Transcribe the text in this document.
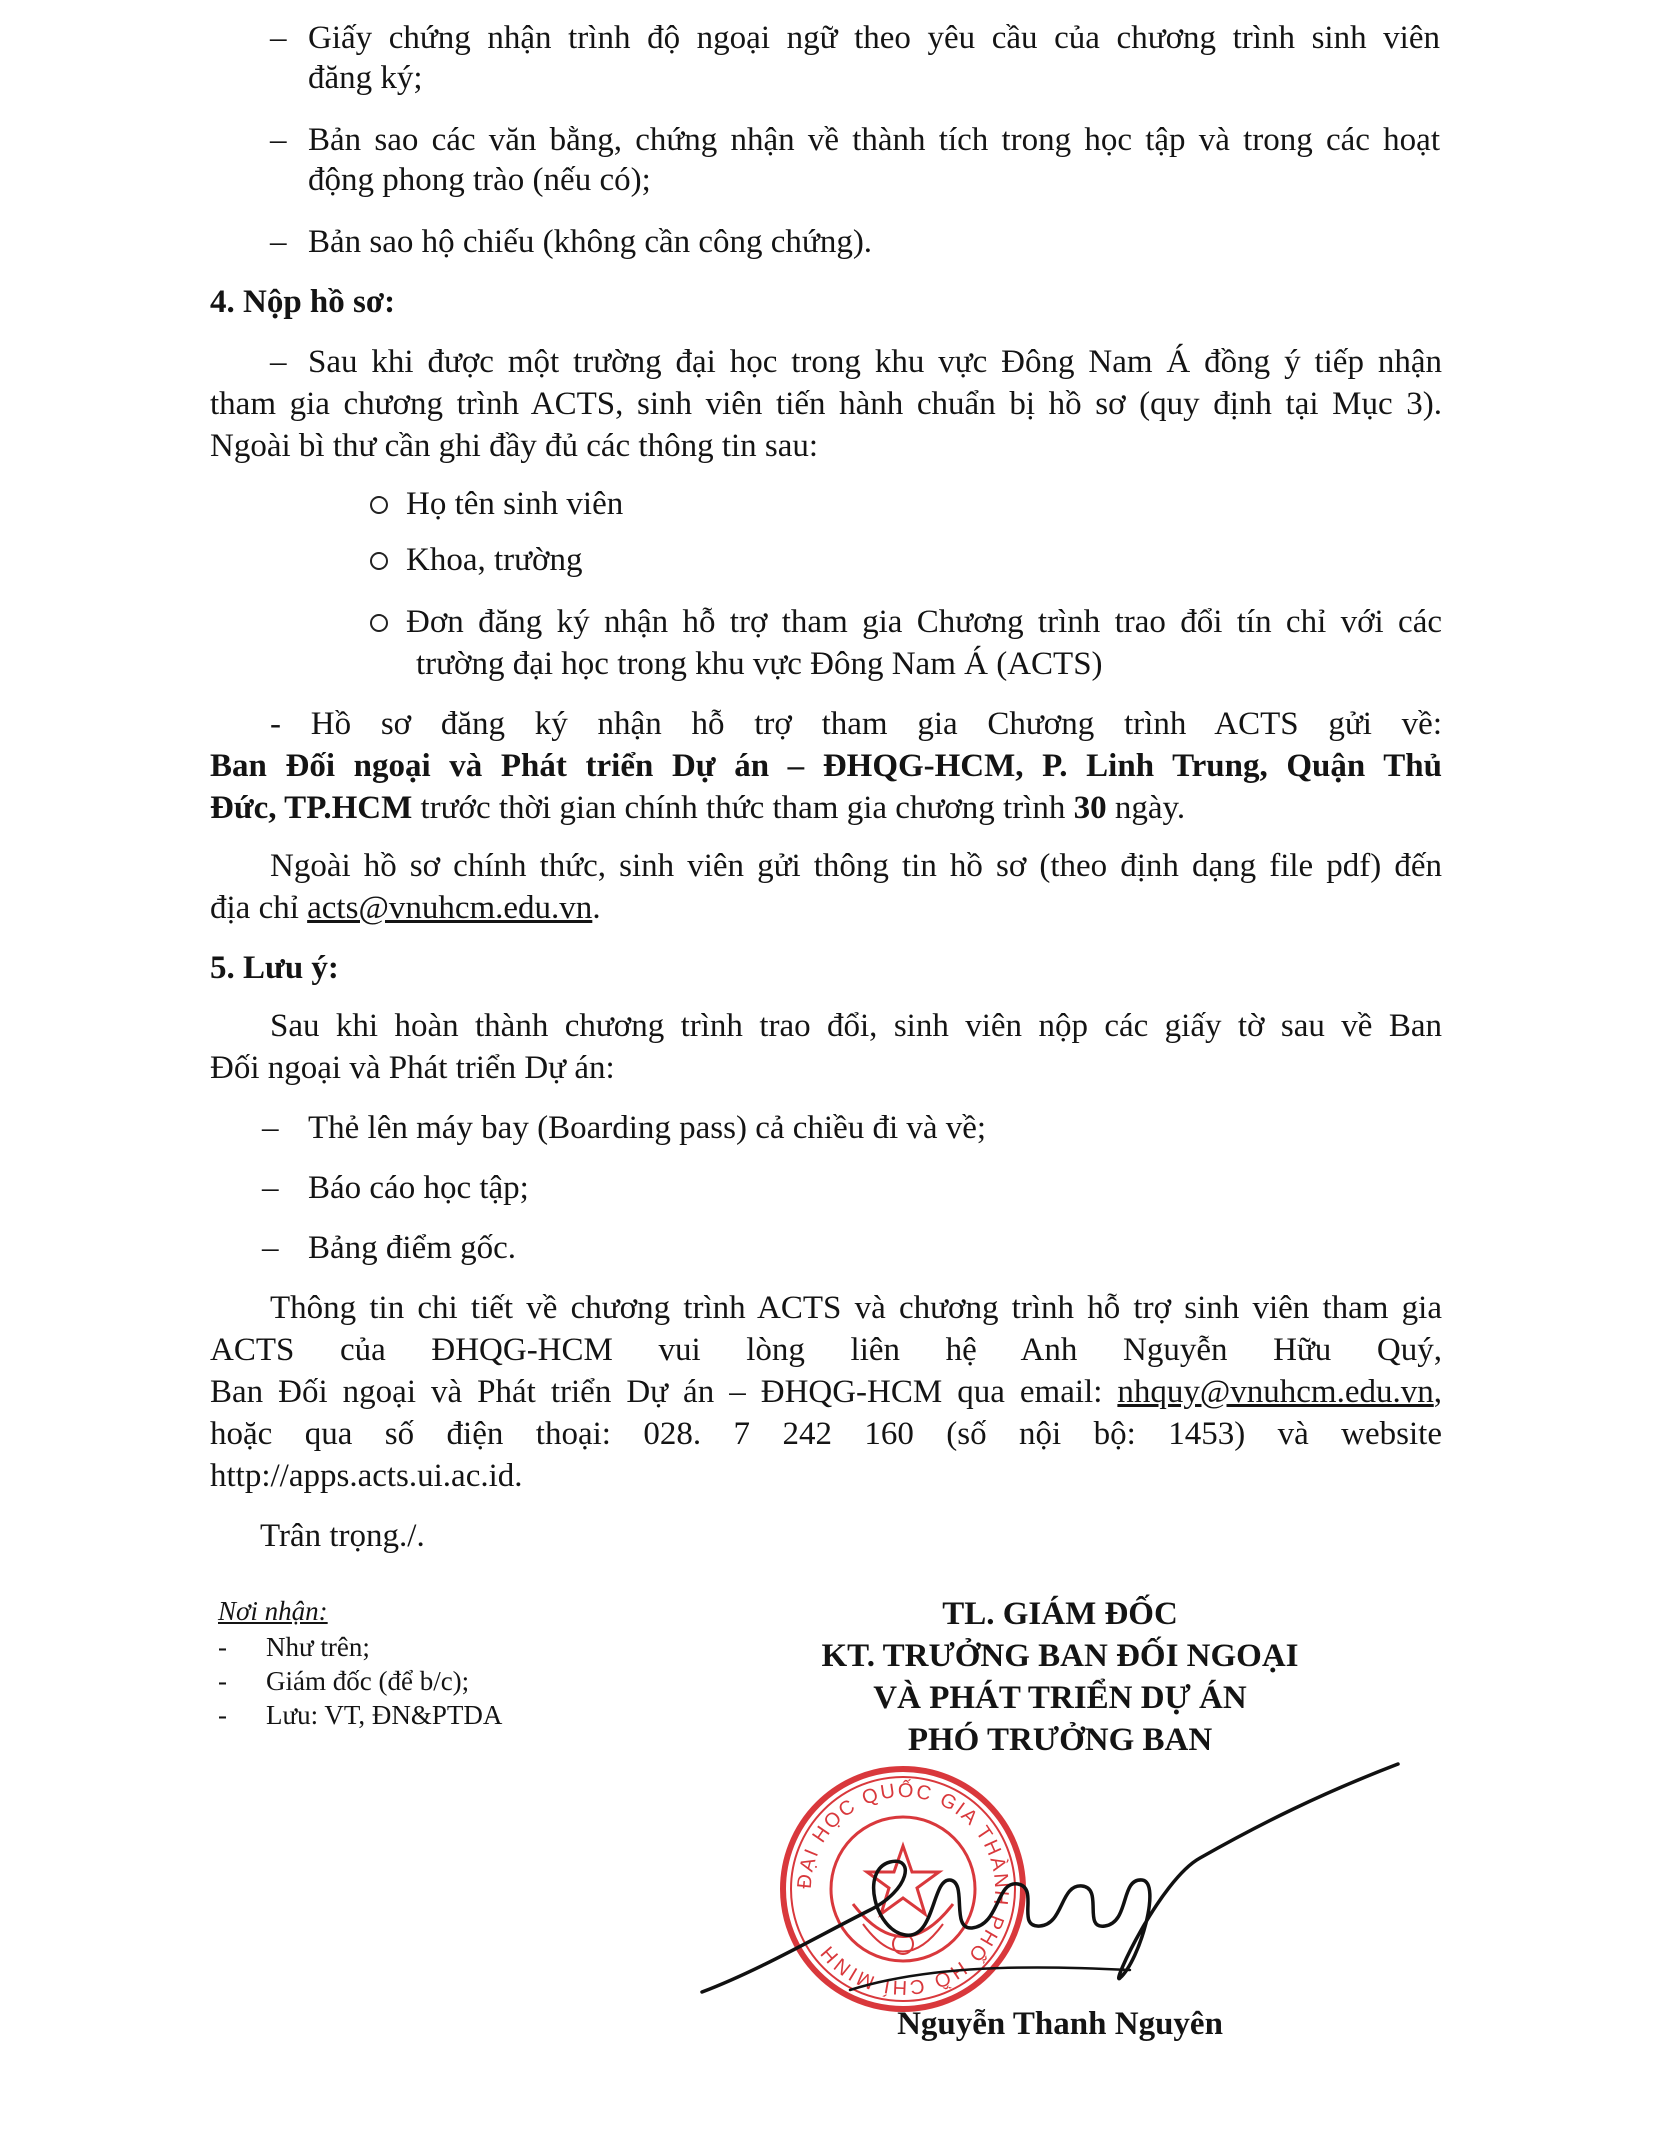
– Giấy chứng nhận trình độ ngoại ngữ theo yêu cầu của chương trình sinh viên
đăng ký;
– Bản sao các văn bằng, chứng nhận về thành tích trong học tập và trong các hoạt
động phong trào (nếu có);
– Bản sao hộ chiếu (không cần công chứng).
4. Nộp hồ sơ:
– Sau khi được một trường đại học trong khu vực Đông Nam Á đồng ý tiếp nhận
tham gia chương trình ACTS, sinh viên tiến hành chuẩn bị hồ sơ (quy định tại Mục 3).
Ngoài bì thư cần ghi đầy đủ các thông tin sau:
Họ tên sinh viên
Khoa, trường
Đơn đăng ký nhận hỗ trợ tham gia Chương trình trao đổi tín chỉ với các
trường đại học trong khu vực Đông Nam Á (ACTS)
- Hồ sơ đăng ký nhận hỗ trợ tham gia Chương trình ACTS gửi về:
Ban Đối ngoại và Phát triển Dự án – ĐHQG-HCM, P. Linh Trung, Quận Thủ
Đức, TP.HCM trước thời gian chính thức tham gia chương trình 30 ngày.
Ngoài hồ sơ chính thức, sinh viên gửi thông tin hồ sơ (theo định dạng file pdf) đến
địa chỉ acts@vnuhcm.edu.vn.
5. Lưu ý:
Sau khi hoàn thành chương trình trao đổi, sinh viên nộp các giấy tờ sau về Ban
Đối ngoại và Phát triển Dự án:
– Thẻ lên máy bay (Boarding pass) cả chiều đi và về;
– Báo cáo học tập;
– Bảng điểm gốc.
Thông tin chi tiết về chương trình ACTS và chương trình hỗ trợ sinh viên tham gia
ACTS của ĐHQG-HCM vui lòng liên hệ Anh Nguyễn Hữu Quý,
Ban Đối ngoại và Phát triển Dự án – ĐHQG-HCM qua email: nhquy@vnuhcm.edu.vn,
hoặc qua số điện thoại: 028. 7 242 160 (số nội bộ: 1453) và website
http://apps.acts.ui.ac.id.
Trân trọng./.
Nơi nhận:
- Như trên;
- Giám đốc (để b/c);
- Lưu: VT, ĐN&PTDA
TL. GIÁM ĐỐC
KT. TRƯỞNG BAN ĐỐI NGOẠI
VÀ PHÁT TRIỂN DỰ ÁN
PHÓ TRƯỞNG BAN
ĐẠI HỌC QUỐC GIA THÀNH PHỐ HỒ CHÍ MINH
Nguyễn Thanh Nguyên
